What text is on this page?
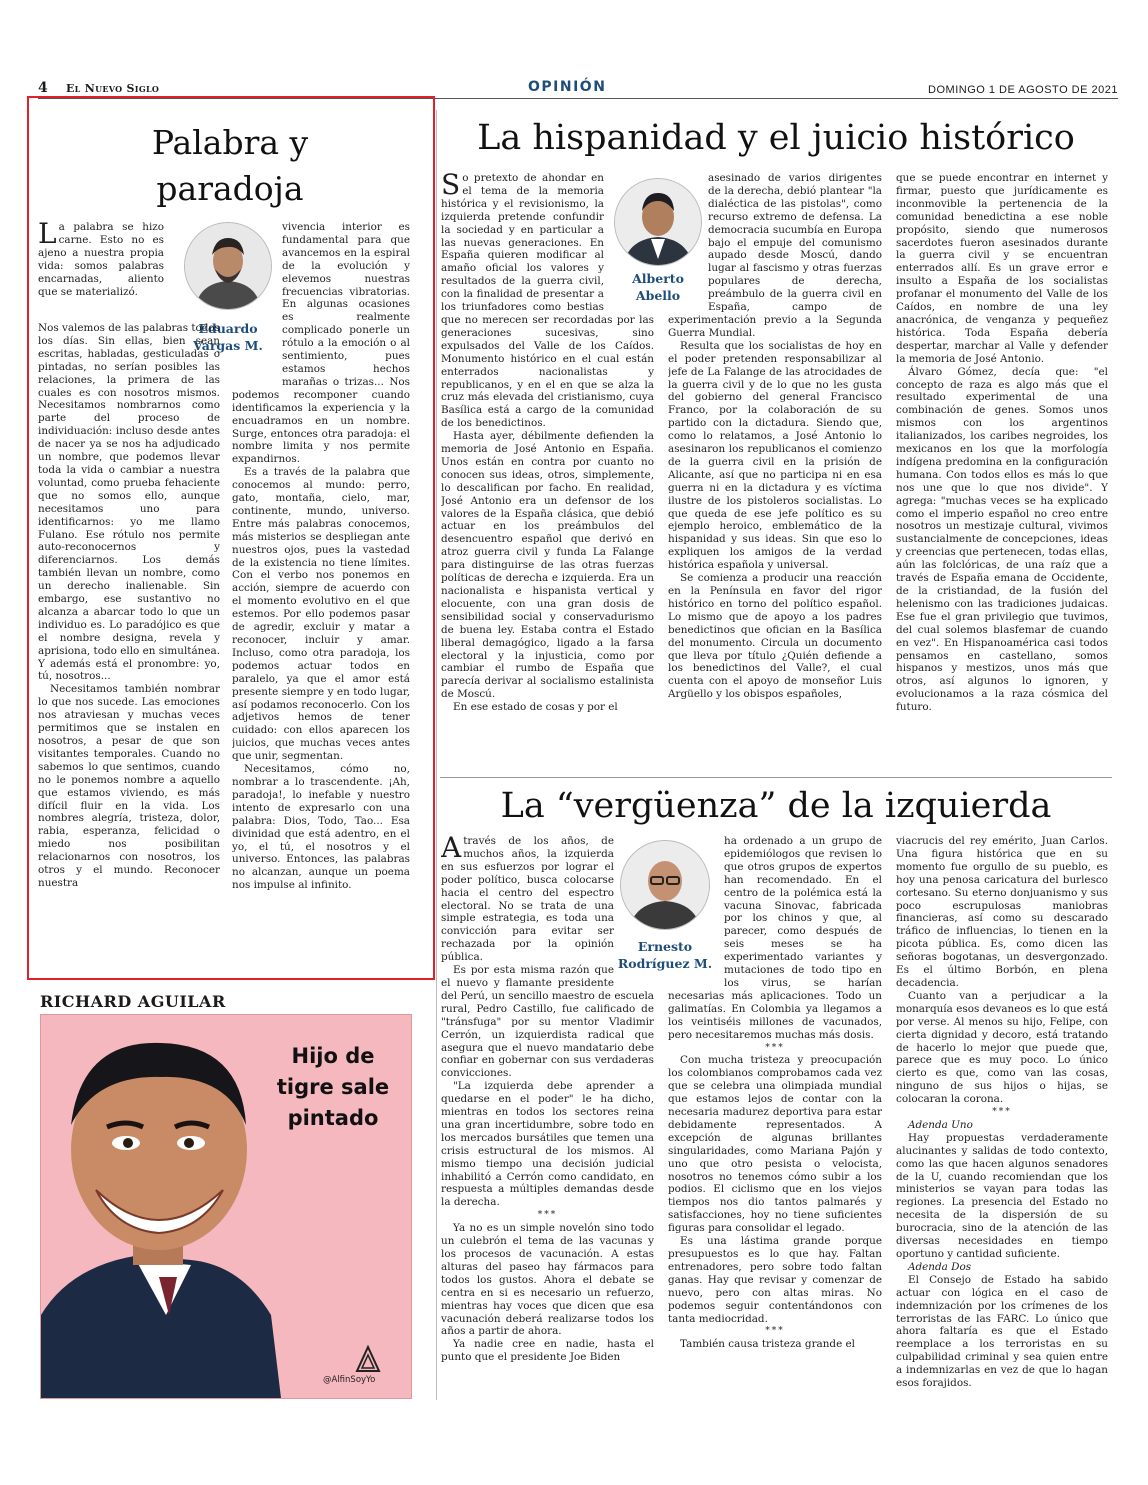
4 El Nuevo Siglo	OPINIÓN	DOMINGO 1 DE AGOSTO DE 2021
Palabra y
paradoja
Eduardo
Vargas M.

La palabra se hizo carne. Esto no es ajeno a nuestra propia vida: somos palabras encarnadas, aliento que se materializó.

Nos valemos de las palabras todos los días. Sin ellas, bien sean escritas, habladas, gesticuladas o pintadas, no serían posibles las relaciones, la primera de las cuales es con nosotros mismos. Necesitamos nombrarnos como parte del proceso de individuación: incluso desde antes de nacer ya se nos ha adjudicado un nombre, que podemos llevar toda la vida o cambiar a nuestra voluntad, como prueba fehaciente que no somos ello, aunque necesitamos uno para identificarnos: yo me llamo Fulano. Ese rótulo nos permite auto-reconocernos y diferenciarnos. Los demás también llevan un nombre, como un derecho inalienable. Sin embargo, ese sustantivo no alcanza a abarcar todo lo que un individuo es. Lo paradójico es que el nombre designa, revela y aprisiona, todo ello en simultánea. Y además está el pronombre: yo, tú, nosotros...

Necesitamos también nombrar lo que nos sucede. Las emociones nos atraviesan y muchas veces permitimos que se instalen en nosotros, a pesar de que son visitantes temporales. Cuando no sabemos lo que sentimos, cuando no le ponemos nombre a aquello que estamos viviendo, es más difícil fluir en la vida. Los nombres alegría, tristeza, dolor, rabia, esperanza, felicidad o miedo nos posibilitan relacionarnos con nosotros, los otros y el mundo. Reconocer nuestra

vivencia interior es fundamental para que avancemos en la espiral de la evolución y elevemos nuestras frecuencias vibratorias. En algunas ocasiones es realmente complicado ponerle un rótulo a la emoción o al sentimiento, pues estamos hechos marañas o trizas... Nos podemos recomponer cuando identificamos la experiencia y la encuadramos en un nombre. Surge, entonces otra paradoja: el nombre limita y nos permite expandirnos.

Es a través de la palabra que conocemos al mundo: perro, gato, montaña, cielo, mar, continente, mundo, universo. Entre más palabras conocemos, más misterios se despliegan ante nuestros ojos, pues la vastedad de la existencia no tiene límites. Con el verbo nos ponemos en acción, siempre de acuerdo con el momento evolutivo en el que estemos. Por ello podemos pasar de agredir, excluir y matar a reconocer, incluir y amar. Incluso, como otra paradoja, los podemos actuar todos en paralelo, ya que el amor está presente siempre y en todo lugar, así podamos reconocerlo. Con los adjetivos hemos de tener cuidado: con ellos aparecen los juicios, que muchas veces antes que unir, segmentan.

Necesitamos, cómo no, nombrar a lo trascendente. ¡Ah, paradoja!, lo inefable y nuestro intento de expresarlo con una palabra: Dios, Todo, Tao... Esa divinidad que está adentro, en el yo, el tú, el nosotros y el universo. Entonces, las palabras no alcanzan, aunque un poema nos impulse al infinito.

RICHARD AGUILAR
Hijo de
tigre sale
pintado
@AlfinSoyYo
La hispanidad y el juicio histórico
Alberto
Abello

So pretexto de ahondar en el tema de la memoria histórica y el revisionismo, la izquierda pretende confundir la sociedad y en particular a las nuevas generaciones. En España quieren modificar al amaño oficial los valores y resultados de la guerra civil, con la finalidad de presentar a los triunfadores como bestias que no merecen ser recordadas por las generaciones sucesivas, sino expulsados del Valle de los Caídos. Monumento histórico en el cual están enterrados nacionalistas y republicanos, y en el en que se alza la cruz más elevada del cristianismo, cuya Basílica está a cargo de la comunidad de los benedictinos.

Hasta ayer, débilmente defienden la memoria de José Antonio en España. Unos están en contra por cuanto no conocen sus ideas, otros, simplemente, lo descalifican por facho. En realidad, José Antonio era un defensor de los valores de la España clásica, que debió actuar en los preámbulos del desencuentro español que derivó en atroz guerra civil y funda La Falange para distinguirse de las otras fuerzas políticas de derecha e izquierda. Era un nacionalista e hispanista vertical y elocuente, con una gran dosis de sensibilidad social y conservadurismo de buena ley. Estaba contra el Estado liberal demagógico, ligado a la farsa electoral y la injusticia, como por cambiar el rumbo de España que parecía derivar al socialismo estalinista de Moscú.

En ese estado de cosas y por el

asesinado de varios dirigentes de la derecha, debió plantear "la dialéctica de las pistolas", como recurso extremo de defensa. La democracia sucumbía en Europa bajo el empuje del comunismo aupado desde Moscú, dando lugar al fascismo y otras fuerzas populares de derecha, preámbulo de la guerra civil en España, campo de experimentación previo a la Segunda Guerra Mundial.

Resulta que los socialistas de hoy en el poder pretenden responsabilizar al jefe de La Falange de las atrocidades de la guerra civil y de lo que no les gusta del gobierno del general Francisco Franco, por la colaboración de su partido con la dictadura. Siendo que, como lo relatamos, a José Antonio lo asesinaron los republicanos el comienzo de la guerra civil en la prisión de Alicante, así que no participa ni en esa guerra ni en la dictadura y es víctima ilustre de los pistoleros socialistas. Lo que queda de ese jefe político es su ejemplo heroico, emblemático de la hispanidad y sus ideas. Sin que eso lo expliquen los amigos de la verdad histórica española y universal.

Se comienza a producir una reacción en la Península en favor del rigor histórico en torno del político español. Lo mismo que de apoyo a los padres benedictinos que ofician en la Basílica del monumento. Circula un documento que lleva por título ¿Quién defiende a los benedictinos del Valle?, el cual cuenta con el apoyo de monseñor Luis Argüello y los obispos españoles,

que se puede encontrar en internet y firmar, puesto que jurídicamente es inconmovible la pertenencia de la comunidad benedictina a ese noble propósito, siendo que numerosos sacerdotes fueron asesinados durante la guerra civil y se encuentran enterrados allí. Es un grave error e insulto a España de los socialistas profanar el monumento del Valle de los Caídos, en nombre de una ley anacrónica, de venganza y pequeñez histórica. Toda España debería despertar, marchar al Valle y defender la memoria de José Antonio.

Álvaro Gómez, decía que: "el concepto de raza es algo más que el resultado experimental de una combinación de genes. Somos unos mismos con los argentinos italianizados, los caribes negroides, los mexicanos en los que la morfología indígena predomina en la configuración humana. Con todos ellos es más lo que nos une que lo que nos divide". Y agrega: "muchas veces se ha explicado como el imperio español no creo entre nosotros un mestizaje cultural, vivimos sustancialmente de concepciones, ideas y creencias que pertenecen, todas ellas, aún las folclóricas, de una raíz que a través de España emana de Occidente, de la cristiandad, de la fusión del helenismo con las tradiciones judaicas. Ese fue el gran privilegio que tuvimos, del cual solemos blasfemar de cuando en vez". En Hispanoamérica casi todos pensamos en castellano, somos hispanos y mestizos, unos más que otros, así algunos lo ignoren, y evolucionamos a la raza cósmica del futuro.

La “vergüenza” de la izquierda
Ernesto
Rodríguez M.

Através de los años, de muchos años, la izquierda en sus esfuerzos por lograr el poder político, busca colocarse hacia el centro del espectro electoral. No se trata de una simple estrategia, es toda una convicción para evitar ser rechazada por la opinión pública.

Es por esta misma razón que el nuevo y flamante presidente del Perú, un sencillo maestro de escuela rural, Pedro Castillo, fue calificado de "tránsfuga" por su mentor Vladimir Cerrón, un izquierdista radical que asegura que el nuevo mandatario debe confiar en gobernar con sus verdaderas convicciones.

"La izquierda debe aprender a quedarse en el poder" le ha dicho, mientras en todos los sectores reina una gran incertidumbre, sobre todo en los mercados bursátiles que temen una crisis estructural de los mismos. Al mismo tiempo una decisión judicial inhabilitó a Cerrón como candidato, en respuesta a múltiples demandas desde la derecha.

***

Ya no es un simple novelón sino todo un culebrón el tema de las vacunas y los procesos de vacunación. A estas alturas del paseo hay fármacos para todos los gustos. Ahora el debate se centra en si es necesario un refuerzo, mientras hay voces que dicen que esa vacunación deberá realizarse todos los años a partir de ahora.

Ya nadie cree en nadie, hasta el punto que el presidente Joe Biden

ha ordenado a un grupo de epidemiólogos que revisen lo que otros grupos de expertos han recomendado. En el centro de la polémica está la vacuna Sinovac, fabricada por los chinos y que, al parecer, como después de seis meses se ha experimentado variantes y mutaciones de todo tipo en los virus, se harían necesarias más aplicaciones. Todo un galimatías. En Colombia ya llegamos a los veintiséis millones de vacunados, pero necesitaremos muchas más dosis.

***

Con mucha tristeza y preocupación los colombianos comprobamos cada vez que se celebra una olimpiada mundial que estamos lejos de contar con la necesaria madurez deportiva para estar debidamente representados. A excepción de algunas brillantes singularidades, como Mariana Pajón y uno que otro pesista o velocista, nosotros no tenemos cómo subir a los podios. El ciclismo que en los viejos tiempos nos dio tantos palmarés y satisfacciones, hoy no tiene suficientes figuras para consolidar el legado.

Es una lástima grande porque presupuestos es lo que hay. Faltan entrenadores, pero sobre todo faltan ganas. Hay que revisar y comenzar de nuevo, pero con altas miras. No podemos seguir contentándonos con tanta mediocridad.

***

También causa tristeza grande el

viacrucis del rey emérito, Juan Carlos. Una figura histórica que en su momento fue orgullo de su pueblo, es hoy una penosa caricatura del burlesco cortesano. Su eterno donjuanismo y sus poco escrupulosas maniobras financieras, así como su descarado tráfico de influencias, lo tienen en la picota pública. Es, como dicen las señoras bogotanas, un desvergonzado. Es el último Borbón, en plena decadencia.

Cuanto van a perjudicar a la monarquía esos devaneos es lo que está por verse. Al menos su hijo, Felipe, con cierta dignidad y decoro, está tratando de hacerlo lo mejor que puede que, parece que es muy poco. Lo único cierto es que, como van las cosas, ninguno de sus hijos o hijas, se colocaran la corona.

***

Adenda Uno

Hay propuestas verdaderamente alucinantes y salidas de todo contexto, como las que hacen algunos senadores de la U, cuando recomiendan que los ministerios se vayan para todas las regiones. La presencia del Estado no necesita de la dispersión de su burocracia, sino de la atención de las diversas necesidades en tiempo oportuno y cantidad suficiente.

Adenda Dos

El Consejo de Estado ha sabido actuar con lógica en el caso de indemnización por los crímenes de los terroristas de las FARC. Lo único que ahora faltaría es que el Estado reemplace a los terroristas en su culpabilidad criminal y sea quien entre a indemnizarlas en vez de que lo hagan esos forajidos.
